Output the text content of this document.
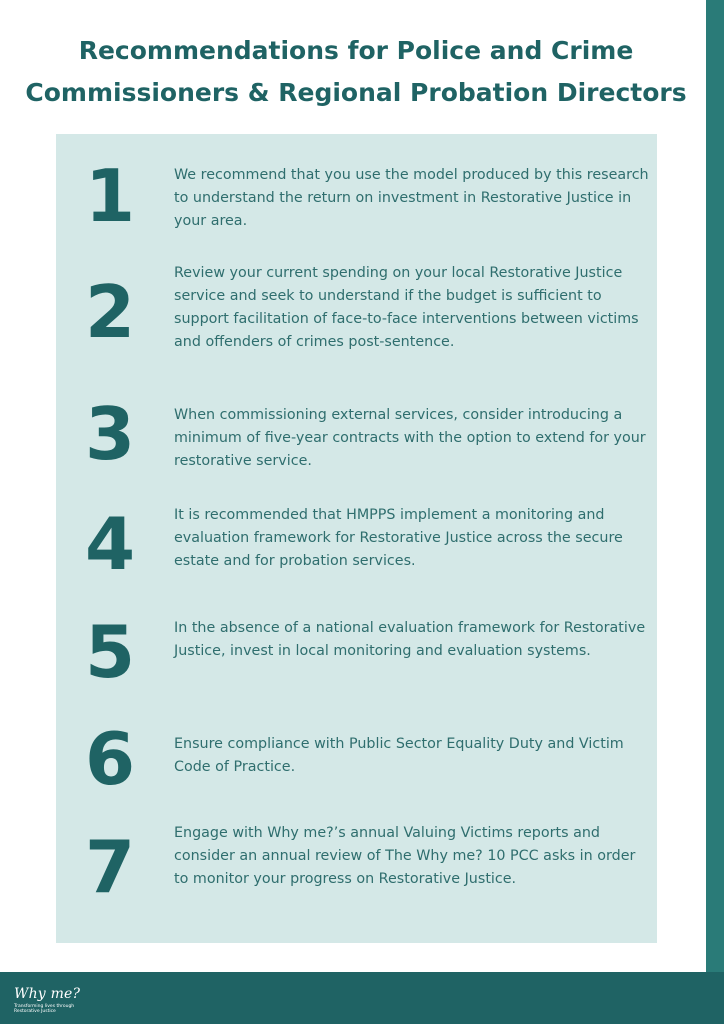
Recommendations for Police and Crime
Commissioners & Regional Probation Directors
1	We recommend that you use the model produced by this research to understand the return on investment in Restorative Justice in your area.

2	Review your current spending on your local Restorative Justice service and seek to understand if the budget is sufficient to support facilitation of face-to-face interventions between victims and offenders of crimes post-sentence.

3	When commissioning external services, consider introducing a minimum of five-year contracts with the option to extend for your restorative service.

4	It is recommended that HMPPS implement a monitoring and evaluation framework for Restorative Justice across the secure estate and for probation services.

5	In the absence of a national evaluation framework for Restorative Justice, invest in local monitoring and evaluation systems.

6	Ensure compliance with Public Sector Equality Duty and Victim Code of Practice.

7	Engage with Why me?’s annual Valuing Victims reports and consider an annual review of The Why me? 10 PCC asks in order to monitor your progress on Restorative Justice.

Why me?
Transforming lives through Restorative Justice
